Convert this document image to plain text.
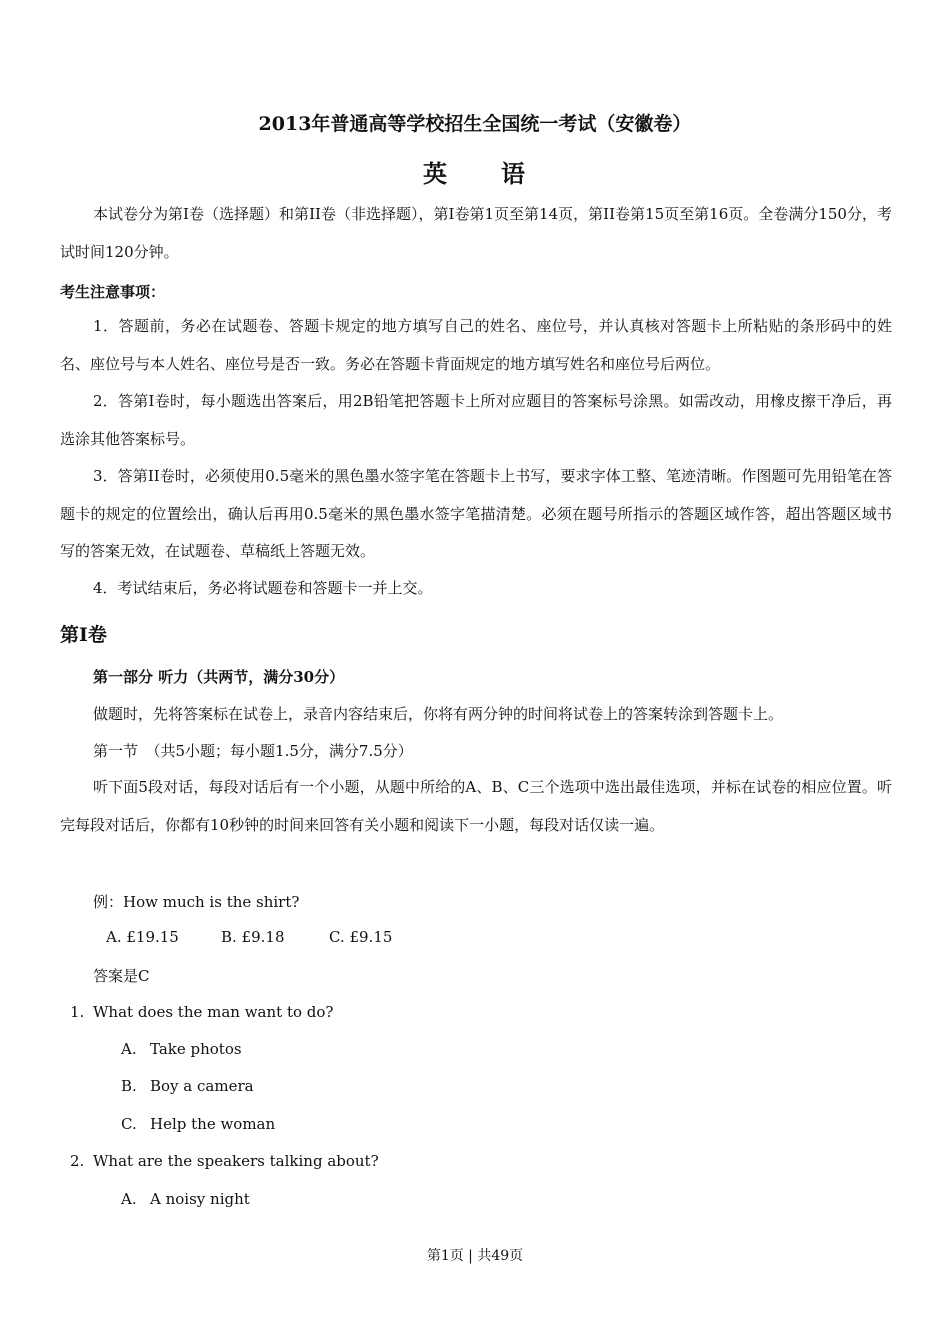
2013年普通高等学校招生全国统一考试（安徽卷）
英　　语
本试卷分为第I卷（选择题）和第II卷（非选择题），第I卷第1页至第14页，第II卷第15页至第16页。全卷满分150分，考试时间120分钟。
考生注意事项：
1．答题前，务必在试题卷、答题卡规定的地方填写自己的姓名、座位号，并认真核对答题卡上所粘贴的条形码中的姓名、座位号与本人姓名、座位号是否一致。务必在答题卡背面规定的地方填写姓名和座位号后两位。
2．答第I卷时，每小题选出答案后，用2B铅笔把答题卡上所对应题目的答案标号涂黑。如需改动，用橡皮擦干净后，再选涂其他答案标号。
3．答第II卷时，必须使用0.5毫米的黑色墨水签字笔在答题卡上书写，要求字体工整、笔迹清晰。作图题可先用铅笔在答题卡的规定的位置绘出，确认后再用0.5毫米的黑色墨水签字笔描清楚。必须在题号所指示的答题区域作答，超出答题区域书写的答案无效，在试题卷、草稿纸上答题无效。
4．考试结束后，务必将试题卷和答题卡一并上交。
第I卷
第一部分 听力（共两节，满分30分）
做题时，先将答案标在试卷上，录音内容结束后，你将有两分钟的时间将试卷上的答案转涂到答题卡上。
第一节　（共5小题；每小题1.5分，满分7.5分）
听下面5段对话，每段对话后有一个小题，从题中所给的A、B、C三个选项中选出最佳选项，并标在试卷的相应位置。听完每段对话后，你都有10秒钟的时间来回答有关小题和阅读下一小题，每段对话仅读一遍。
例：How much is the shirt?
A. £19.15	B. £9.18	C. £9.15
答案是C
1. What does the man want to do?
A. Take photos
B. Boy a camera
C. Help the woman
2. What are the speakers talking about?
A. A noisy night
第1页 | 共49页
